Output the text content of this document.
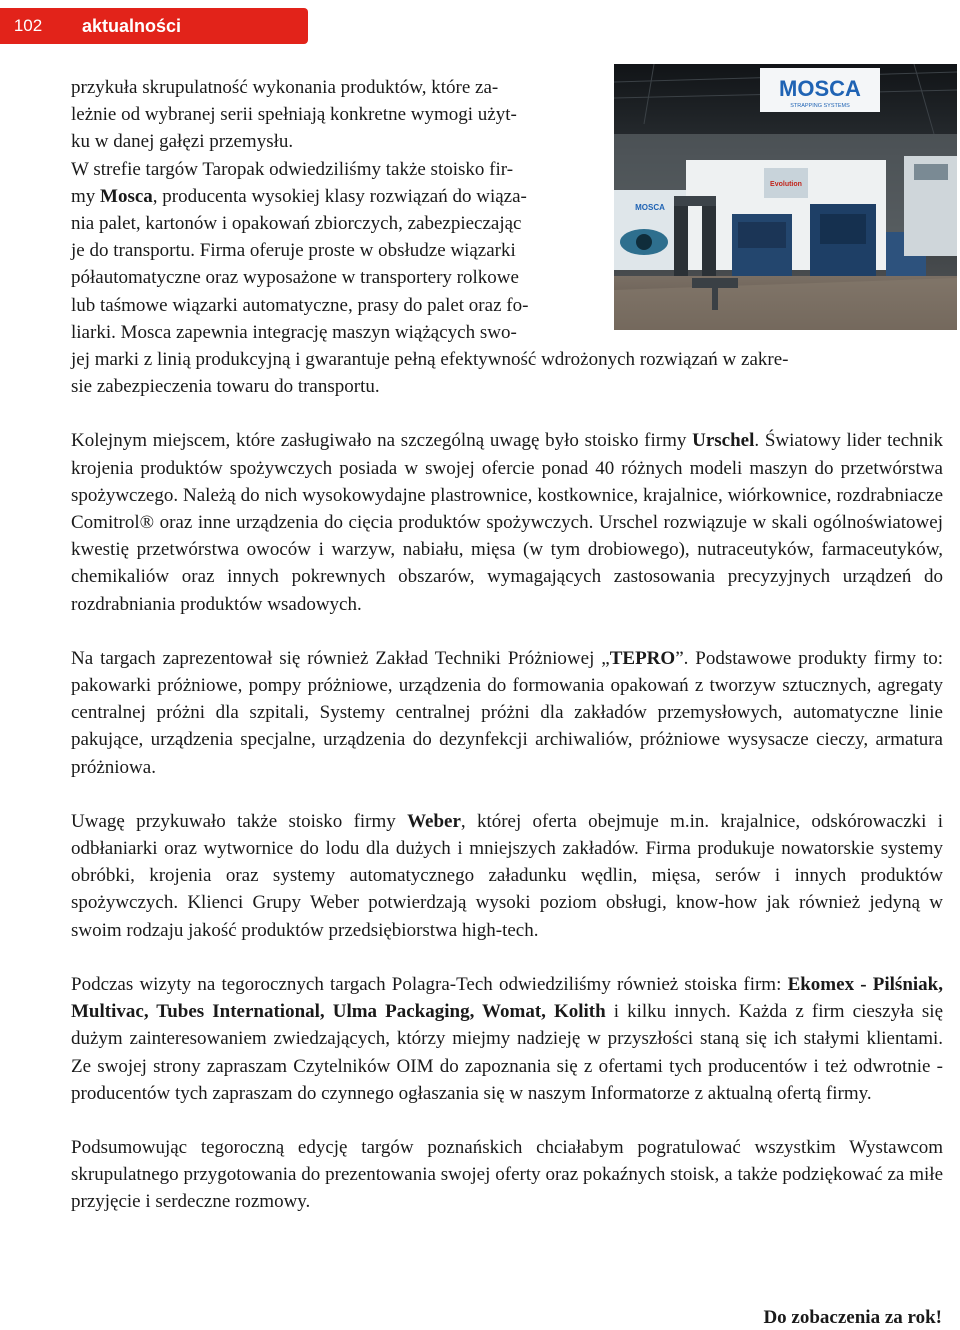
102	aktualności
MOSCA
STRAPPING SYSTEMS
MOSCA
Evolution

przykuła skrupulatność wykonania produktów, które za-
leżnie od wybranej serii spełniają konkretne wymogi użyt-
ku w danej gałęzi przemysłu.
W strefie targów Taropak odwiedziliśmy także stoisko fir-
my Mosca, producenta wysokiej klasy rozwiązań do wiąza-
nia palet, kartonów i opakowań zbiorczych, zabezpieczając
je do transportu. Firma oferuje proste w obsłudze wiązarki
półautomatyczne oraz wyposażone w transportery rolkowe
lub taśmowe wiązarki automatyczne, prasy do palet oraz fo-
liarki. Mosca zapewnia integrację maszyn wiążących swo-
jej marki z linią produkcyjną i gwarantuje pełną efektywność wdrożonych rozwiązań w zakre-
sie zabezpieczenia towaru do transportu.

Kolejnym miejscem, które zasługiwało na szczególną uwagę było stoisko firmy Urschel. Światowy lider technik krojenia produktów spożywczych posiada w swojej ofercie ponad 40 różnych modeli maszyn do przetwórstwa spożywczego. Należą do nich wysokowydajne plastrownice, kostkownice, krajalnice, wiórkownice, rozdrabniacze Comitrol® oraz inne urządzenia do cięcia produktów spożywczych. Urschel rozwiązuje w skali ogólnoświatowej kwestię przetwórstwa owoców i warzyw, nabiału, mięsa (w tym drobiowego), nutraceutyków, farmaceutyków, chemikaliów oraz innych pokrewnych obszarów, wymagających zastosowania precyzyjnych urządzeń do rozdrabniania produktów wsadowych.

Na targach zaprezentował się również Zakład Techniki Próżniowej „TEPRO”. Podstawowe produkty firmy to: pakowarki próżniowe, pompy próżniowe, urządzenia do formowania opakowań z tworzyw sztucznych, agregaty centralnej próżni dla szpitali, Systemy centralnej próżni dla zakładów przemysłowych, automatyczne linie pakujące, urządzenia specjalne, urządzenia do dezynfekcji archiwaliów, próżniowe wysysacze cieczy, armatura próżniowa.

Uwagę przykuwało także stoisko firmy Weber, której oferta obejmuje m.in. krajalnice, odskórowaczki i odbłaniarki oraz wytwornice do lodu dla dużych i mniejszych zakładów. Firma produkuje nowatorskie systemy obróbki, krojenia oraz systemy automatycznego załadunku wędlin, mięsa, serów i innych produktów spożywczych. Klienci Grupy Weber potwierdzają wysoki poziom obsługi, know-how jak również jedyną w swoim rodzaju jakość produktów przedsiębiorstwa high-tech.

Podczas wizyty na tegorocznych targach Polagra-Tech odwiedziliśmy również stoiska firm: Ekomex - Pilśniak, Multivac, Tubes International, Ulma Packaging, Womat, Kolith i kilku innych. Każda z firm cieszyła się dużym zainteresowaniem zwiedzających, którzy miejmy nadzieję w przyszłości staną się ich stałymi klientami. Ze swojej strony zapraszam Czytelników OIM do zapoznania się z ofertami tych producentów i też odwrotnie - producentów tych zapraszam do czynnego ogłaszania się w naszym Informatorze z aktualną ofertą firmy.

Podsumowując tegoroczną edycję targów poznańskich chciałabym pogratulować wszystkim Wystawcom skrupulatnego przygotowania do prezentowania swojej oferty oraz pokaźnych stoisk, a także podziękować za miłe przyjęcie i serdeczne rozmowy.

Do zobaczenia za rok!
